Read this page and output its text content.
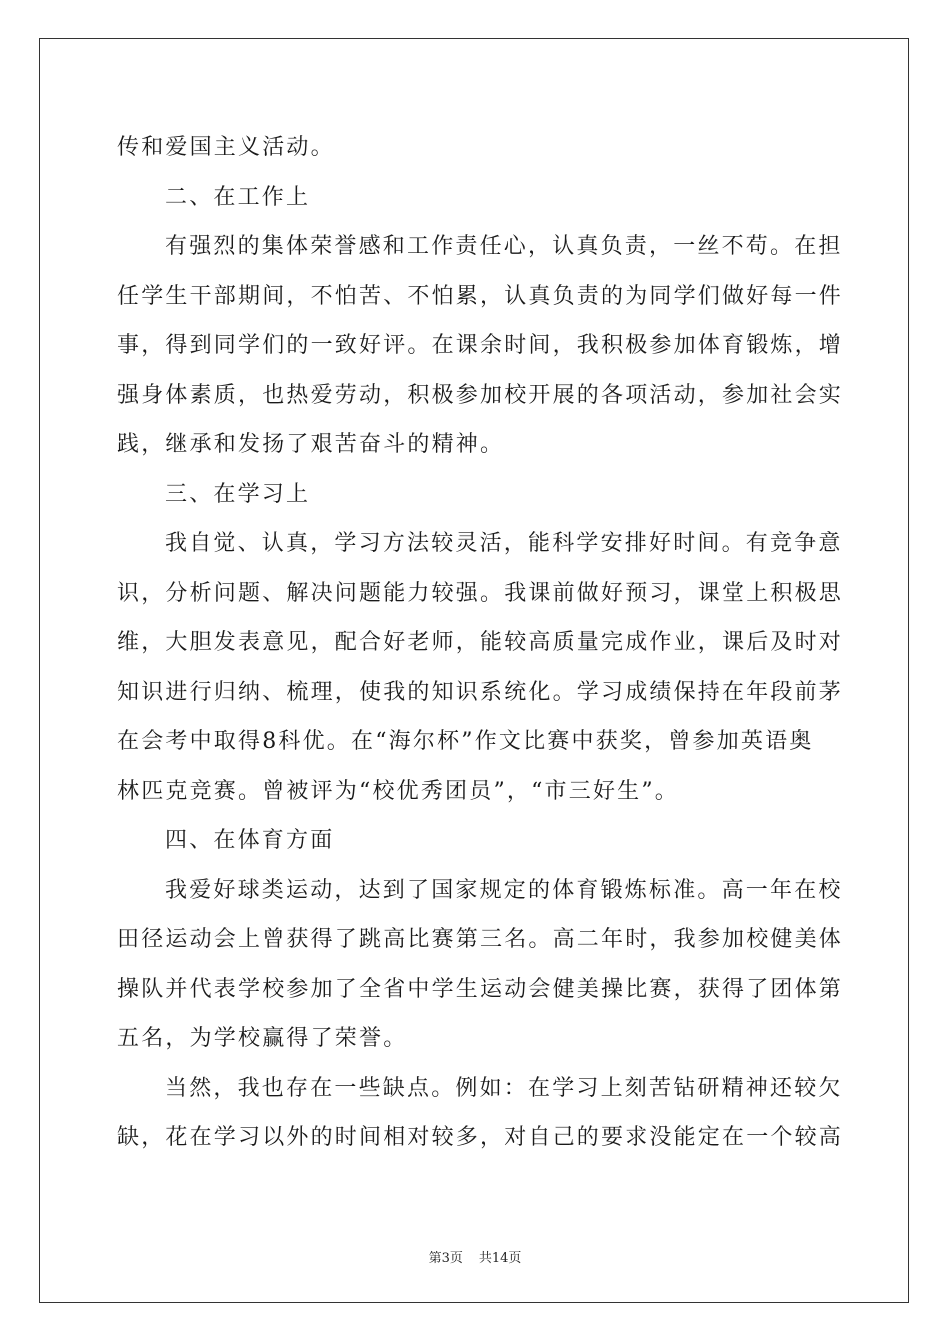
传和爱国主义活动。
二、在工作上
有强烈的集体荣誉感和工作责任心，认真负责，一丝不苟。在担
任学生干部期间，不怕苦、不怕累，认真负责的为同学们做好每一件
事，得到同学们的一致好评。在课余时间，我积极参加体育锻炼，增
强身体素质，也热爱劳动，积极参加校开展的各项活动，参加社会实
践，继承和发扬了艰苦奋斗的精神。
三、在学习上
我自觉、认真，学习方法较灵活，能科学安排好时间。有竞争意
识，分析问题、解决问题能力较强。我课前做好预习，课堂上积极思
维，大胆发表意见，配合好老师，能较高质量完成作业，课后及时对
知识进行归纳、梳理，使我的知识系统化。学习成绩保持在年段前茅
在会考中取得8科优。在“海尔杯”作文比赛中获奖，曾参加英语奥
林匹克竞赛。曾被评为“校优秀团员”，“市三好生”。
四、在体育方面
我爱好球类运动，达到了国家规定的体育锻炼标准。高一年在校
田径运动会上曾获得了跳高比赛第三名。高二年时，我参加校健美体
操队并代表学校参加了全省中学生运动会健美操比赛，获得了团体第
五名，为学校赢得了荣誉。
当然，我也存在一些缺点。例如：在学习上刻苦钻研精神还较欠
缺，花在学习以外的时间相对较多，对自己的要求没能定在一个较高
第3页 共14页
